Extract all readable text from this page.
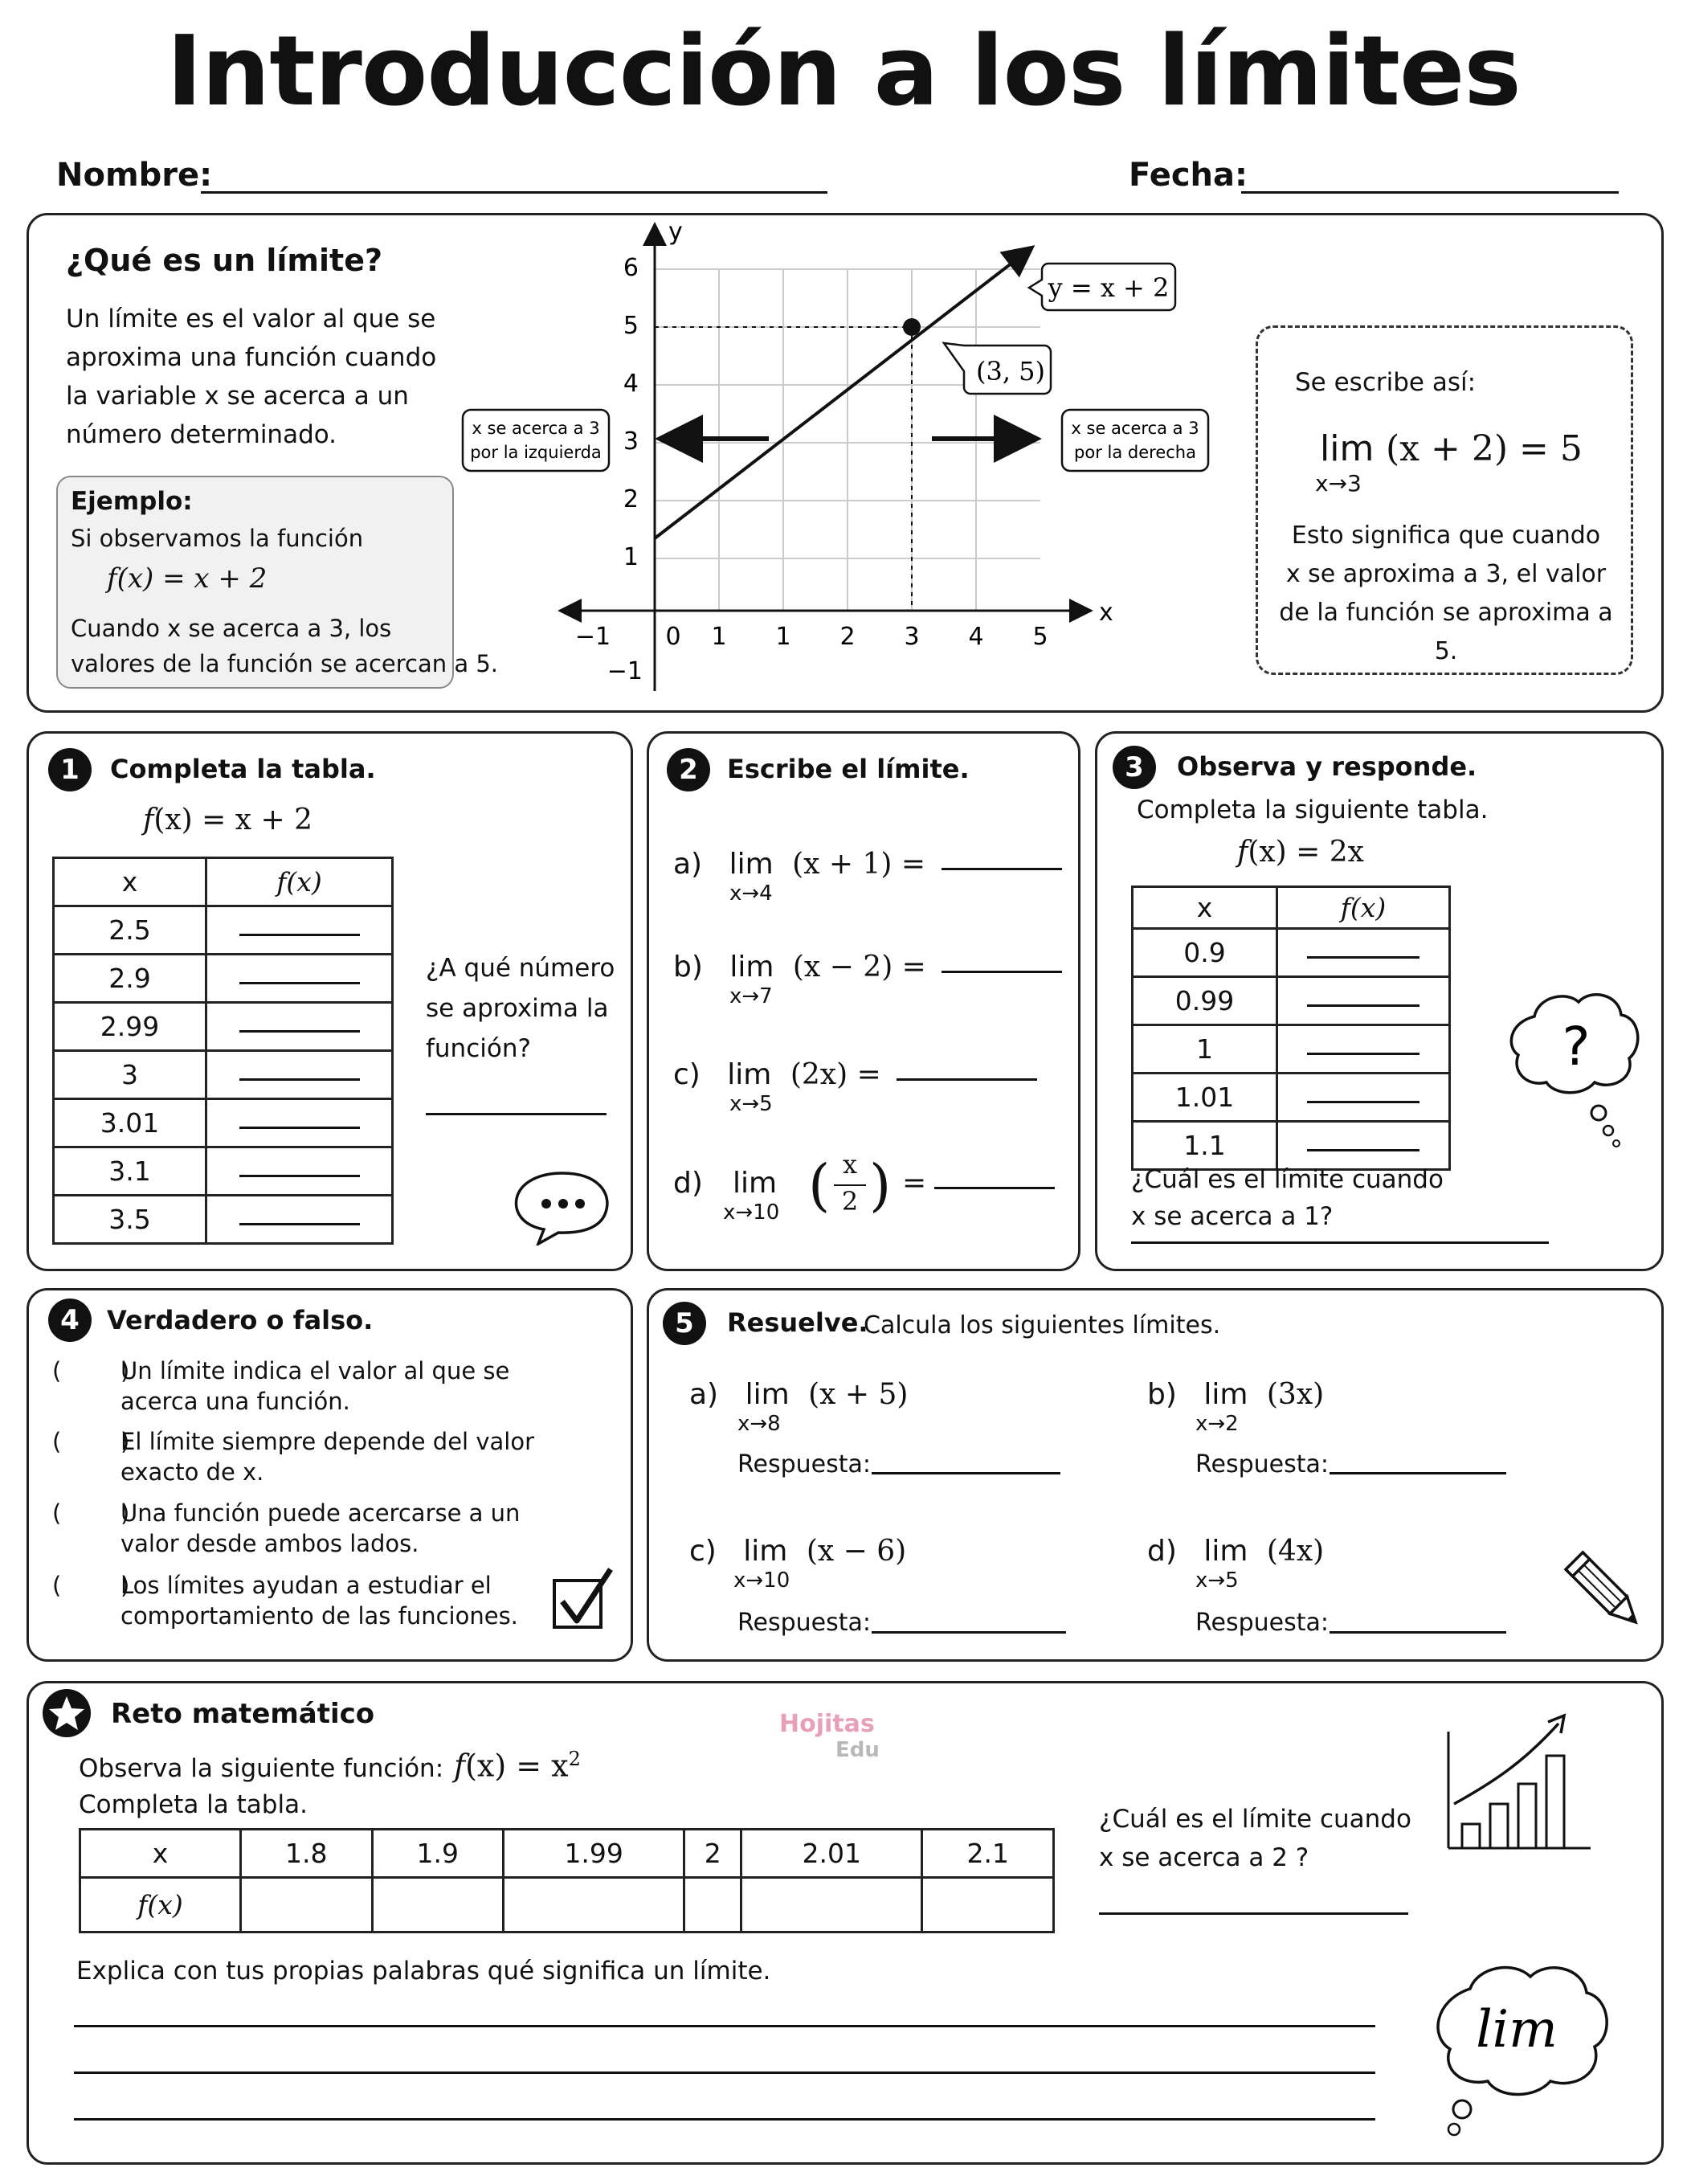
Introducción a los límites
Nombre:	Fecha:
¿Qué es un límite?
Un límite es el valor al que se
aproxima una función cuando
la variable x se acerca a un
número determinado.
Ejemplo:
Si observamos la función
f(x) = x + 2
Cuando x se acerca a 3, los
valores de la función se acercan a 5.
y
x
6
5
4
3
2
1
−1
−1 0 1 1 2 3 4 5
y = x + 2
(3, 5)
x se acerca a 3
por la izquierda
x se acerca a 3
por la derecha
Se escribe así:
lim
x→3
(x + 2) = 5
Esto significa que cuando
x se aproxima a 3, el valor
de la función se aproxima a 5.
1	Completa la tabla.
f(x) = x + 2
x	f(x)
2.5	
2.9	
2.99	
3	
3.01	
3.1	
3.5	
¿A qué número
se aproxima la
función?
2	Escribe el límite.
a) lim (x + 1) =
x→4
b) lim (x − 2) =
x→7
c) lim (2x) =
x→5
d) lim
x→10 ( x
2 ) =
3	Observa y responde.
Completa la siguiente tabla.
f(x) = 2x
x	f(x)
0.9	
0.99	
1	
1.01	
1.1	
¿Cuál es el límite cuando
x se acerca a 1?
?
4	Verdadero o falso.
(        )
Un límite indica el valor al que se
acerca una función.
(        )
El límite siempre depende del valor
exacto de x.
(        )
Una función puede acercarse a un
valor desde ambos lados.
(        )
Los límites ayudan a estudiar el
comportamiento de las funciones.
5	Resuelve.
Calcula los siguientes límites.
a) lim (x + 5)
x→8
Respuesta:
b) lim (3x)
x→2
Respuesta:
c) lim (x − 6)
x→10
Respuesta:
d) lim (4x)
x→5
Respuesta:
Reto matemático	Hojitas
Edu
Observa la siguiente función: $f(x) = x^2$
Completa la tabla.
x	1.8	1.9	1.99	2	2.01	2.1
f(x)						
¿Cuál es el límite cuando
x se acerca a 2 ?
Explica con tus propias palabras qué significa un límite.
lim
